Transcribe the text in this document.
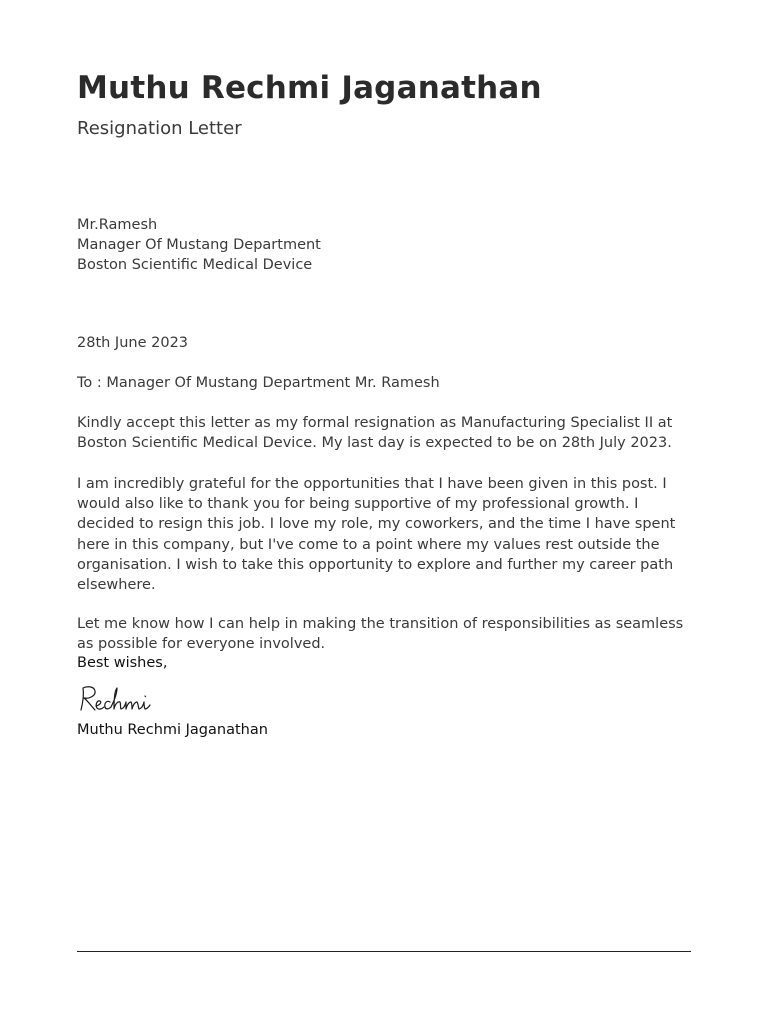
Muthu Rechmi Jaganathan
Resignation Letter
Mr.Ramesh
Manager Of Mustang Department
Boston Scientific Medical Device
28th June 2023
To : Manager Of Mustang Department Mr. Ramesh

Kindly accept this letter as my formal resignation as Manufacturing Specialist II at Boston Scientific Medical Device. My last day is expected to be on 28th July 2023.

I am incredibly grateful for the opportunities that I have been given in this post. I would also like to thank you for being supportive of my professional growth. I decided to resign this job. I love my role, my coworkers, and the time I have spent here in this company, but I've come to a point where my values rest outside the organisation. I wish to take this opportunity to explore and further my career path elsewhere.

Let me know how I can help in making the transition of responsibilities as seamless as possible for everyone involved.

Best wishes,
Muthu Rechmi Jaganathan
